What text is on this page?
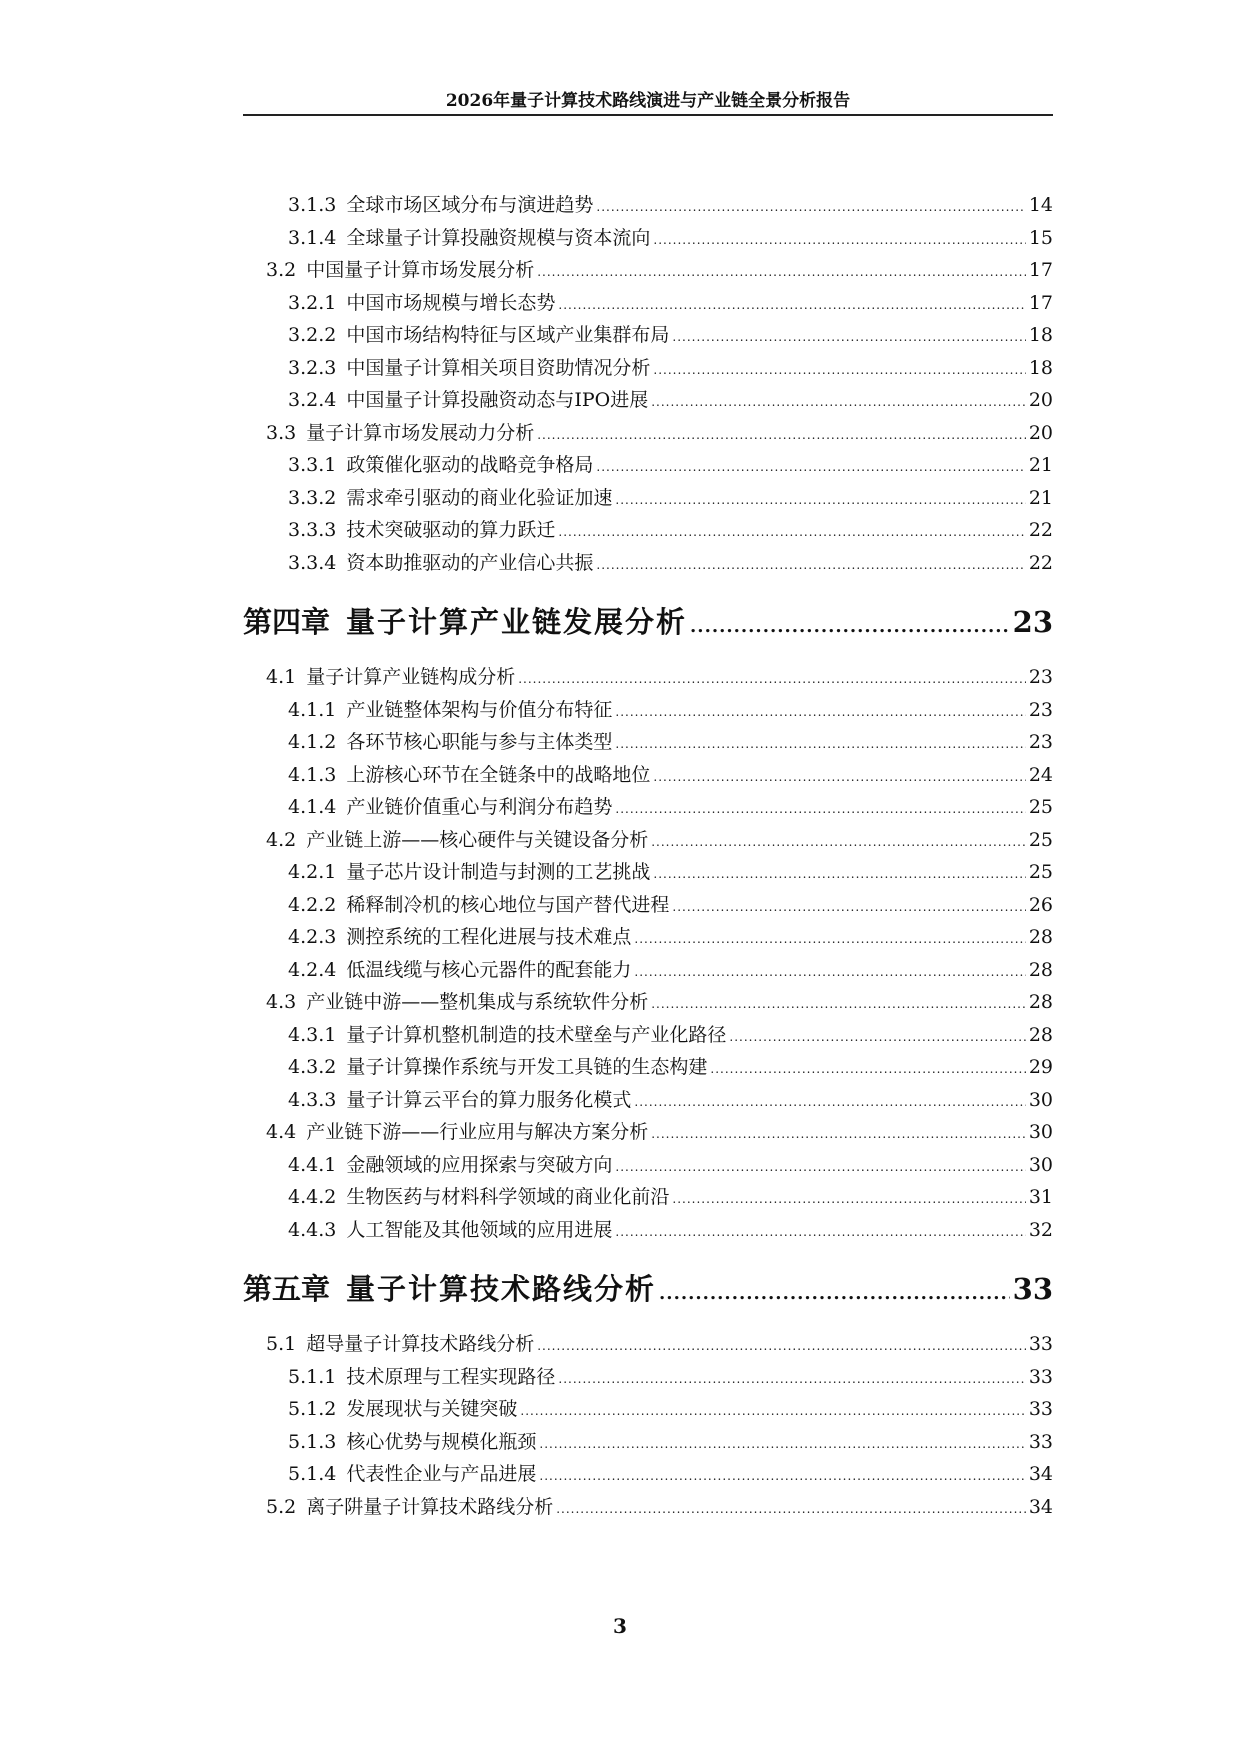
2026年量子计算技术路线演进与产业链全景分析报告
3.1.3 全球市场区域分布与演进趋势 .....	14
3.1.4 全球量子计算投融资规模与资本流向 .....	15
3.2 中国量子计算市场发展分析 .....	17
3.2.1 中国市场规模与增长态势 .....	17
3.2.2 中国市场结构特征与区域产业集群布局 .....	18
3.2.3 中国量子计算相关项目资助情况分析 .....	18
3.2.4 中国量子计算投融资动态与IPO进展 .....	20
3.3 量子计算市场发展动力分析 .....	20
3.3.1 政策催化驱动的战略竞争格局 .....	21
3.3.2 需求牵引驱动的商业化验证加速 .....	21
3.3.3 技术突破驱动的算力跃迁 .....	22
3.3.4 资本助推驱动的产业信心共振 .....	22
第四章 量子计算产业链发展分析 .....	23
4.1 量子计算产业链构成分析 .....	23
4.1.1 产业链整体架构与价值分布特征 .....	23
4.1.2 各环节核心职能与参与主体类型 .....	23
4.1.3 上游核心环节在全链条中的战略地位 .....	24
4.1.4 产业链价值重心与利润分布趋势 .....	25
4.2 产业链上游——核心硬件与关键设备分析 .....	25
4.2.1 量子芯片设计制造与封测的工艺挑战 .....	25
4.2.2 稀释制冷机的核心地位与国产替代进程 .....	26
4.2.3 测控系统的工程化进展与技术难点 .....	28
4.2.4 低温线缆与核心元器件的配套能力 .....	28
4.3 产业链中游——整机集成与系统软件分析 .....	28
4.3.1 量子计算机整机制造的技术壁垒与产业化路径 .....	28
4.3.2 量子计算操作系统与开发工具链的生态构建 .....	29
4.3.3 量子计算云平台的算力服务化模式 .....	30
4.4 产业链下游——行业应用与解决方案分析 .....	30
4.4.1 金融领域的应用探索与突破方向 .....	30
4.4.2 生物医药与材料科学领域的商业化前沿 .....	31
4.4.3 人工智能及其他领域的应用进展 .....	32
第五章 量子计算技术路线分析 .....	33
5.1 超导量子计算技术路线分析 .....	33
5.1.1 技术原理与工程实现路径 .....	33
5.1.2 发展现状与关键突破 .....	33
5.1.3 核心优势与规模化瓶颈 .....	33
5.1.4 代表性企业与产品进展 .....	34
5.2 离子阱量子计算技术路线分析 .....	34
3
